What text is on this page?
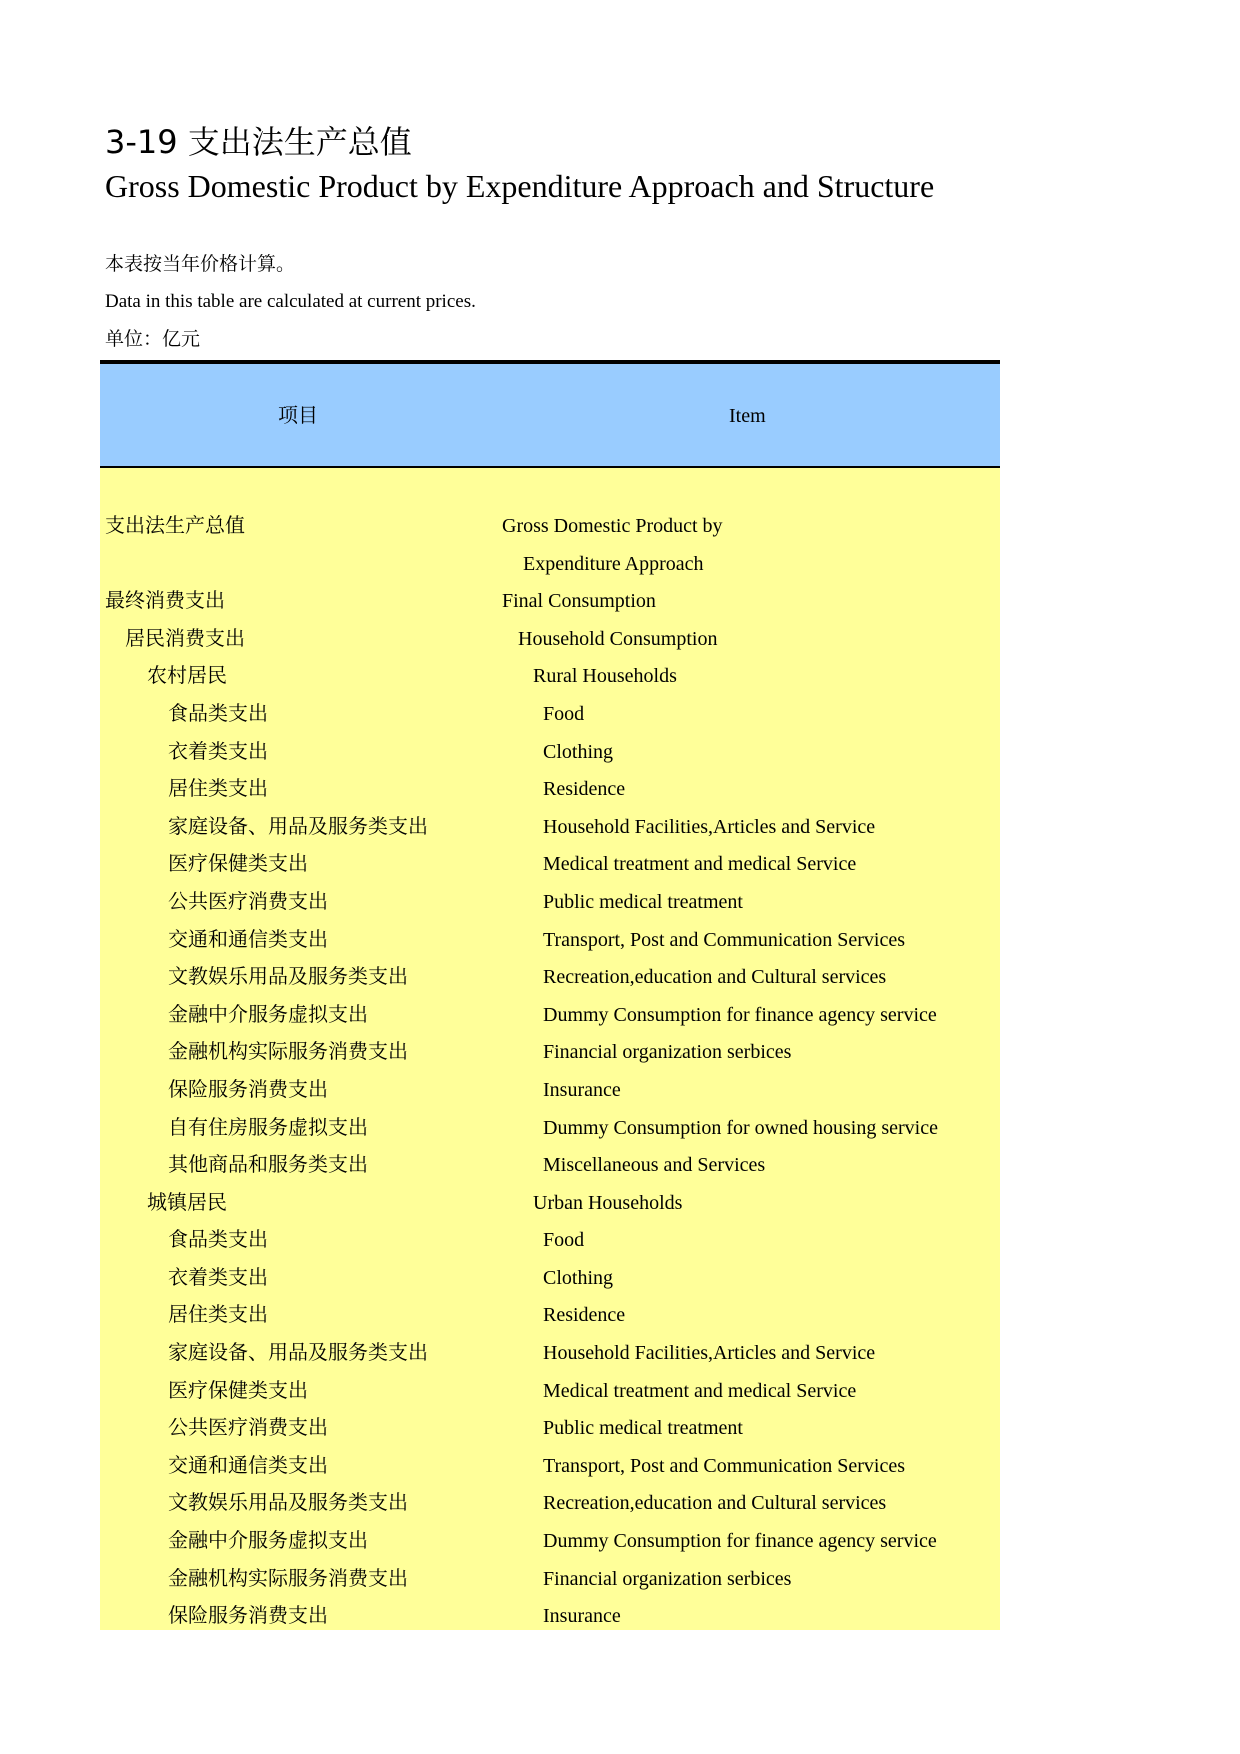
3-19 支出法生产总值
Gross Domestic Product by Expenditure Approach and Structure
本表按当年价格计算。
Data in this table are calculated at current prices.
单位：亿元
项目	Item
支出法生产总值	Gross Domestic Product by
Expenditure Approach
最终消费支出	Final Consumption
居民消费支出	Household Consumption
农村居民	Rural Households
食品类支出	Food
衣着类支出	Clothing
居住类支出	Residence
家庭设备、用品及服务类支出	Household Facilities,Articles and Service
医疗保健类支出	Medical treatment and medical Service
公共医疗消费支出	Public medical treatment
交通和通信类支出	Transport, Post and Communication Services
文教娱乐用品及服务类支出	Recreation,education and Cultural services
金融中介服务虚拟支出	Dummy Consumption for finance agency service
金融机构实际服务消费支出	Financial organization serbices
保险服务消费支出	Insurance
自有住房服务虚拟支出	Dummy Consumption for owned housing service
其他商品和服务类支出	Miscellaneous and Services
城镇居民	Urban Households
食品类支出	Food
衣着类支出	Clothing
居住类支出	Residence
家庭设备、用品及服务类支出	Household Facilities,Articles and Service
医疗保健类支出	Medical treatment and medical Service
公共医疗消费支出	Public medical treatment
交通和通信类支出	Transport, Post and Communication Services
文教娱乐用品及服务类支出	Recreation,education and Cultural services
金融中介服务虚拟支出	Dummy Consumption for finance agency service
金融机构实际服务消费支出	Financial organization serbices
保险服务消费支出	Insurance
